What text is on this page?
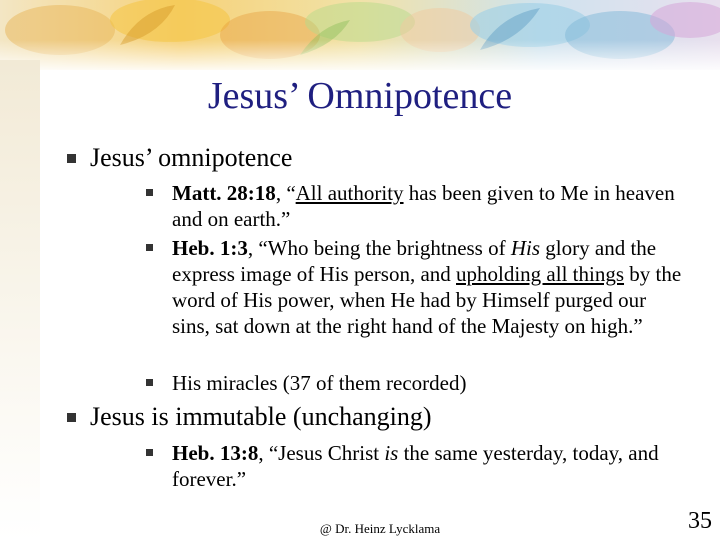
Jesus’ Omnipotence
Jesus’ omnipotence
Matt. 28:18, “All authority has been given to Me in heaven and on earth.”
Heb. 1:3, “Who being the brightness of His glory and the express image of His person, and upholding all things by the word of His power, when He had by Himself purged our sins, sat down at the right hand of the Majesty on high.”
His miracles (37 of them recorded)
Jesus is immutable (unchanging)
Heb. 13:8, “Jesus Christ is the same yesterday, today, and forever.”
@ Dr. Heinz Lycklama	35
